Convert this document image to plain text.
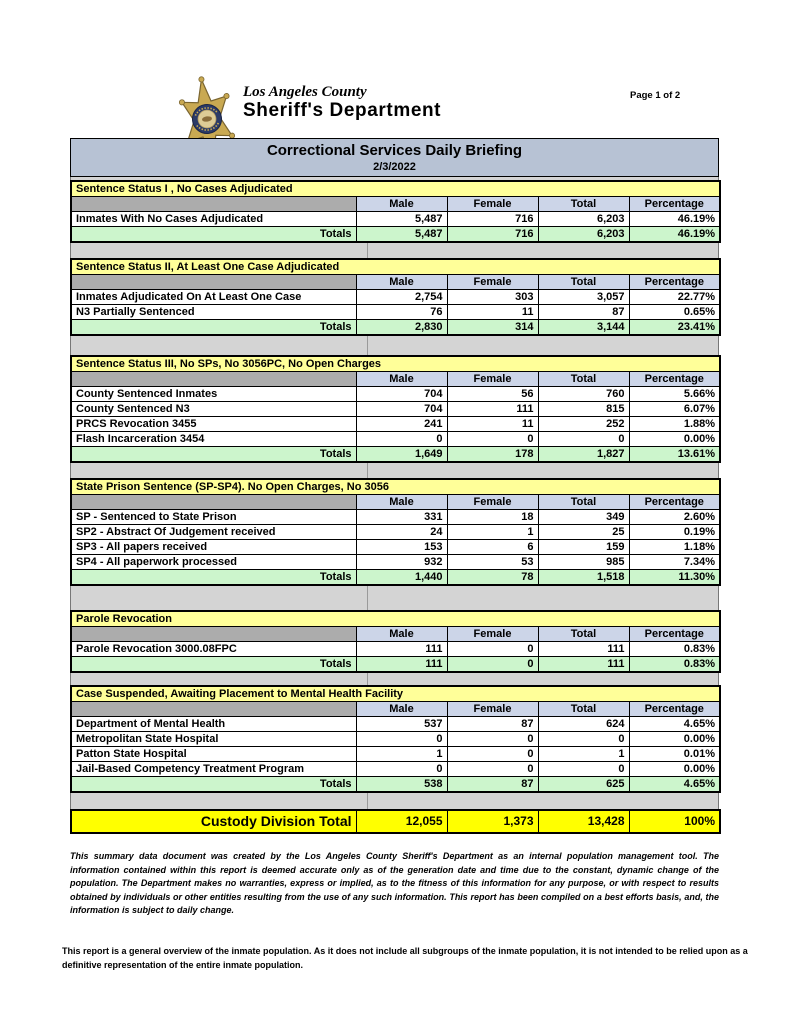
Los Angeles County
Sheriff's Department
Page 1 of 2
Correctional Services Daily Briefing
2/3/2022
Sentence Status I , No Cases Adjudicated				
	Male	Female	Total	Percentage
Inmates With No Cases Adjudicated	5,487	716	6,203	46.19%
Totals	5,487	716	6,203	46.19%
Sentence Status II, At Least One Case Adjudicated				
	Male	Female	Total	Percentage
Inmates Adjudicated On At Least One Case	2,754	303	3,057	22.77%
N3 Partially Sentenced	76	11	87	0.65%
Totals	2,830	314	3,144	23.41%
Sentence Status III, No SPs, No 3056PC, No Open Charges				
	Male	Female	Total	Percentage
County Sentenced Inmates	704	56	760	5.66%
County Sentenced N3	704	111	815	6.07%
PRCS Revocation 3455	241	11	252	1.88%
Flash Incarceration 3454	0	0	0	0.00%
Totals	1,649	178	1,827	13.61%
State Prison Sentence (SP-SP4). No Open Charges, No 3056				
	Male	Female	Total	Percentage
SP - Sentenced to State Prison	331	18	349	2.60%
SP2 - Abstract Of Judgement received	24	1	25	0.19%
SP3 - All papers received	153	6	159	1.18%
SP4 - All paperwork processed	932	53	985	7.34%
Totals	1,440	78	1,518	11.30%
Parole Revocation				
	Male	Female	Total	Percentage
Parole Revocation 3000.08FPC	111	0	111	0.83%
Totals	111	0	111	0.83%
Case Suspended, Awaiting Placement to Mental Health Facility				
	Male	Female	Total	Percentage
Department of Mental Health	537	87	624	4.65%
Metropolitan State Hospital	0	0	0	0.00%
Patton State Hospital	1	0	1	0.01%
Jail-Based Competency Treatment Program	0	0	0	0.00%
Totals	538	87	625	4.65%
Custody Division Total	12,055	1,373	13,428	100%

This summary data document was created by the Los Angeles County Sheriff's Department as an internal population management tool. The information contained within this report is deemed accurate only as of the generation date and time due to the constant, dynamic change of the population. The Department makes no warranties, express or implied, as to the fitness of this information for any purpose, or with respect to results obtained by individuals or other entities resulting from the use of any such information. This report has been compiled on a best efforts basis, and, the information is subject to daily change.

This report is a general overview of the inmate population. As it does not include all subgroups of the inmate population, it is not intended to be relied upon as a definitive representation of the entire inmate population.
